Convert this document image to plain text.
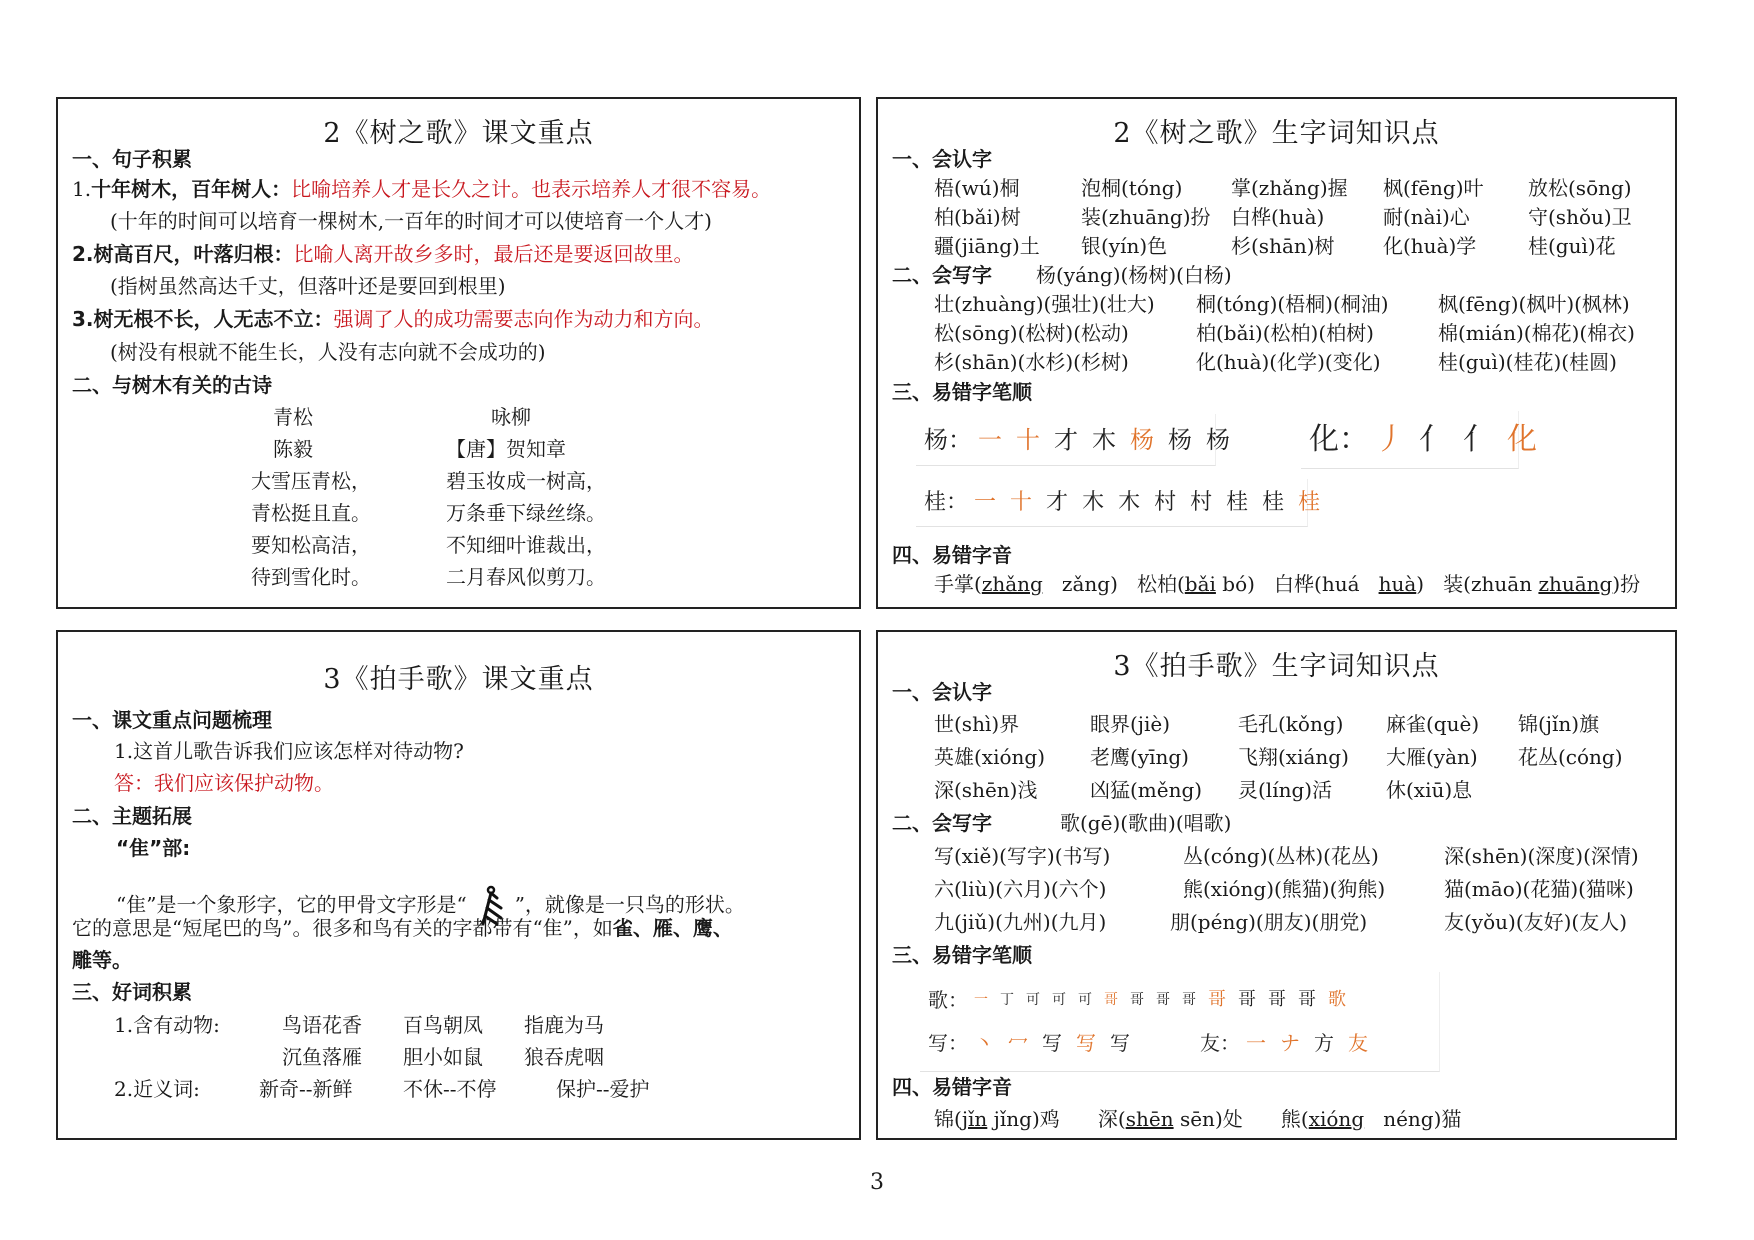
2《树之歌》课文重点
一、句子积累
1.十年树木，百年树人：比喻培养人才是长久之计。也表示培养人才很不容易。
(十年的时间可以培育一棵树木,一百年的时间才可以使培育一个人才)
2.树高百尺，叶落归根：比喻人离开故乡多时，最后还是要返回故里。
(指树虽然高达千丈，但落叶还是要回到根里)
3.树无根不长，人无志不立：强调了人的成功需要志向作为动力和方向。
(树没有根就不能生长，人没有志向就不会成功的)
二、与树木有关的古诗
青松
陈毅
大雪压青松，
青松挺且直。
要知松高洁，
待到雪化时。
咏柳
【唐】贺知章
碧玉妆成一树高，
万条垂下绿丝绦。
不知细叶谁裁出，
二月春风似剪刀。
2《树之歌》生字词知识点
一、会认字
梧(wú)桐	泡桐(tóng) 掌(zhǎng)握 枫(fēng)叶 放松(sōng)
柏(bǎi)树	装(zhuāng)扮 白桦(huà)	耐(nài)心	守(shǒu)卫
疆(jiāng)土 银(yín)色	杉(shān)树 化(huà)学	桂(guì)花
二、会写字 杨(yáng)(杨树)(白杨)
壮(zhuàng)(强壮)(壮大) 桐(tóng)(梧桐)(桐油) 枫(fēng)(枫叶)(枫林)
松(sōng)(松树)(松动)	柏(bǎi)(松柏)(柏树)	棉(mián)(棉花)(棉衣)
杉(shān)(水杉)(杉树)	化(huà)(化学)(变化)	桂(guì)(桂花)(桂圆)
三、易错字笔顺
杨： 一 十 才 木 杨 杨 杨	化： 丿 亻 亻 化
桂： 一 十 才 木 木 村 村 桂 桂 桂
四、易错字音
手掌(zhǎng zǎng) 松柏(bǎi bó) 白桦(huá huà) 装(zhuān zhuāng)扮
3《拍手歌》课文重点
一、课文重点问题梳理
1.这首儿歌告诉我们应该怎样对待动物?
答：我们应该保护动物。
二、主题拓展
“隹”部:
“隹”是一个象形字，它的甲骨文字形是“ ”，就像是一只鸟的形状。
它的意思是“短尾巴的鸟”。很多和鸟有关的字都带有“隹”，如雀、雁、鹰、
雕等。
三、好词积累
1.含有动物:	鸟语花香 百鸟朝凤 指鹿为马
沉鱼落雁 胆小如鼠 狼吞虎咽
2.近义词:	新奇--新鲜	不休--不停	保护--爱护
3《拍手歌》生字词知识点
一、会认字
世(shì)界	眼界(jiè)	毛孔(kǒng) 麻雀(què) 锦(jǐn)旗
英雄(xióng) 老鹰(yīng) 飞翔(xiáng) 大雁(yàn) 花丛(cóng)
深(shēn)浅	凶猛(měng) 灵(líng)活	休(xiū)息
二、会写字	歌(gē)(歌曲)(唱歌)
写(xiě)(写字)(书写)	丛(cóng)(丛林)(花丛)	深(shēn)(深度)(深情)
六(liù)(六月)(六个)	熊(xióng)(熊猫)(狗熊)	猫(māo)(花猫)(猫咪)
九(jiǔ)(九州)(九月)	朋(péng)(朋友)(朋党)	友(yǒu)(友好)(友人)
三、易错字笔顺
歌： 一 丁 可 可 可 哥 哥 哥 哥 哥 哥 哥 哥 歌
写： 丶 冖 写 写 写	友： 一 ナ 方 友
四、易错字音
锦(jǐn jǐng)鸡 深(shēn sēn)处 熊(xióng néng)猫
3
